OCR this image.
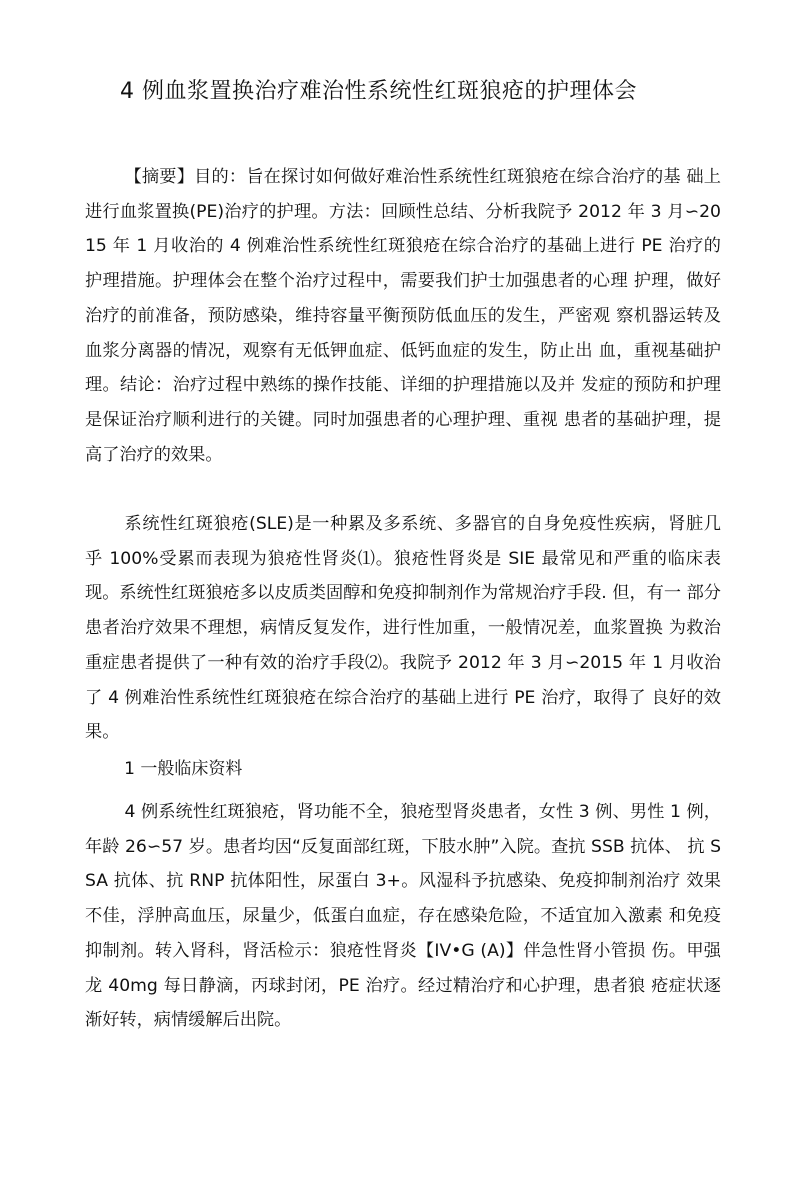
4 例血浆置换治疗难治性系统性红斑狼疮的护理体会

【摘要】目的：旨在探讨如何做好难治性系统性红斑狼疮在综合治疗的基 础上进行血浆置换(PE)治疗的护理。方法：回顾性总结、分析我院予 2012 年 3 月∽2015 年 1 月收治的 4 例难治性系统性红斑狼疮在综合治疗的基础上进行 PE 治疗的护理措施。护理体会在整个治疗过程中，需要我们护士加强患者的心理 护理，做好治疗的前准备，预防感染，维持容量平衡预防低血压的发生，严密观 察机器运转及血浆分离器的情况，观察有无低钾血症、低钙血症的发生，防止出 血，重视基础护理。结论：治疗过程中熟练的操作技能、详细的护理措施以及并 发症的预防和护理是保证治疗顺利进行的关键。同时加强患者的心理护理、重视 患者的基础护理，提高了治疗的效果。

系统性红斑狼疮(SLE)是一种累及多系统、多器官的自身免疫性疾病，肾脏几 乎 100%受累而表现为狼疮性肾炎⑴。狼疮性肾炎是 SIE 最常见和严重的临床表 现。系统性红斑狼疮多以皮质类固醇和免疫抑制剂作为常规治疗手段. 但，有一 部分患者治疗效果不理想，病情反复发作，进行性加重，一般情况差，血浆置换 为救治重症患者提供了一种有效的治疗手段⑵。我院予 2012 年 3 月∽2015 年 1 月收治了 4 例难治性系统性红斑狼疮在综合治疗的基础上进行 PE 治疗，取得了 良好的效果。

1 一般临床资料

4 例系统性红斑狼疮，肾功能不全，狼疮型肾炎患者，女性 3 例、男性 1 例，年龄 26∽57 岁。患者均因“反复面部红斑，下肢水肿”入院。查抗 SSB 抗体、 抗 SSA 抗体、抗 RNP 抗体阳性，尿蛋白 3+。风湿科予抗感染、免疫抑制剂治疗 效果不佳，浮肿高血压，尿量少，低蛋白血症，存在感染危险，不适宜加入激素 和免疫抑制剂。转入肾科，肾活检示：狼疮性肾炎【IV•G (A)】伴急性肾小管损 伤。甲强龙 40mg 每日静滴，丙球封闭，PE 治疗。经过精治疗和心护理，患者狼 疮症状逐渐好转，病情缓解后出院。
